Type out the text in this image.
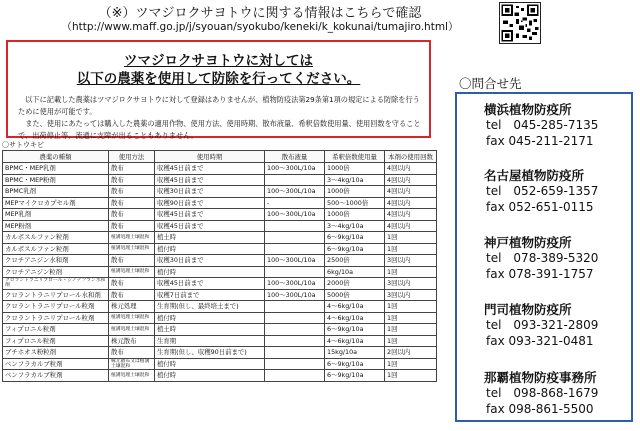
（※）ツマジロクサヨトウに関する情報はこちらで確認
（http://www.maff.go.jp/j/syouan/syokubo/keneki/k_kokunai/tumajiro.html）
ツマジロクサヨトウに対しては
以下の農薬を使用して防除を行ってください。
　以下に記載した農薬はツマジロクサヨトウに対して登録はありませんが、植物防疫法第29条第1項の規定による防除を行うために使用が可能です。
　また、使用にあたっては購入した農薬の適用作物、使用方法、使用時期、散布液量、希釈倍数使用量、使用回数を守ることで、出荷停止等、流通に支障が出ることもありません。
〇サトウキビ
農薬の種類	使用方法	使用時期	散布液量	希釈倍数使用量	本剤の使用回数
BPMC・MEP乳剤	散布	収穫45日前まで	100～300L/10a	1000倍	4回以内
BPMC・MEP粉剤	散布	収穫45日前まで		3～4kg/10a	4回以内
BPMC乳剤	散布	収穫30日前まで	100～300L/10a	1000倍	4回以内
MEPマイクロカプセル剤	散布	収穫90日前まで	-	500～1000倍	4回以内
MEP乳剤	散布	収穫45日前まで	100～300L/10a	1000倍	4回以内
MEP粉剤	散布	収穫45日前まで		3～4kg/10a	4回以内
カルボスルファン粒剤	植溝処理土壌混和	植土時		6～9kg/10a	1回
カルボスルファン粒剤	植溝処理土壌混和	植付時		6～9kg/10a	1回
クロチアニジン水和剤	散布	収穫30日前まで	100～300L/10a	2500倍	3回以内
クロチアニジン粒剤	植溝処理土壌混和	植付時		6kg/10a	1回
クロラントラニリプロール・ジノテフラン水和剤	散布	収穫45日前まで	100～300L/10a	2000倍	3回以内
クロラントラニリプロール水和剤	散布	収穫7日前まで	100～300L/10a	5000倍	3回以内
クロラントラニリプロール粒剤	株元処理	生育期(但し、最終培土まで)		4～6kg/10a	1回
クロラントラニリプロール粒剤	植溝処理土壌混和	植付時		4～6kg/10a	1回
フィプロニル粒剤	植溝処理土壌混和	植土時		6～9kg/10a	1回
フィプロニル粒剤	株元散布	生育期		4～6kg/10a	1回
ブチホオス粉粒剤	散布	生育期(但し、収穫90日前まで)		15kg/10a	2回以内
ベンフラカルブ粒剤	株元散布又は植溝土壌混和	植付時		6～9kg/10a	1回
ベンフラカルブ粒剤	植溝処理土壌混和	植付時		6～9kg/10a	1回
〇問合せ先
横浜植物防疫所
tel　045-285-7135
fax 045-211-2171
名古屋植物防疫所
tel　052-659-1357
fax 052-651-0115
神戸植物防疫所
tel　078-389-5320
fax 078-391-1757
門司植物防疫所
tel　093-321-2809
fax 093-321-0481
那覇植物防疫事務所
tel　098-868-1679
fax 098-861-5500
